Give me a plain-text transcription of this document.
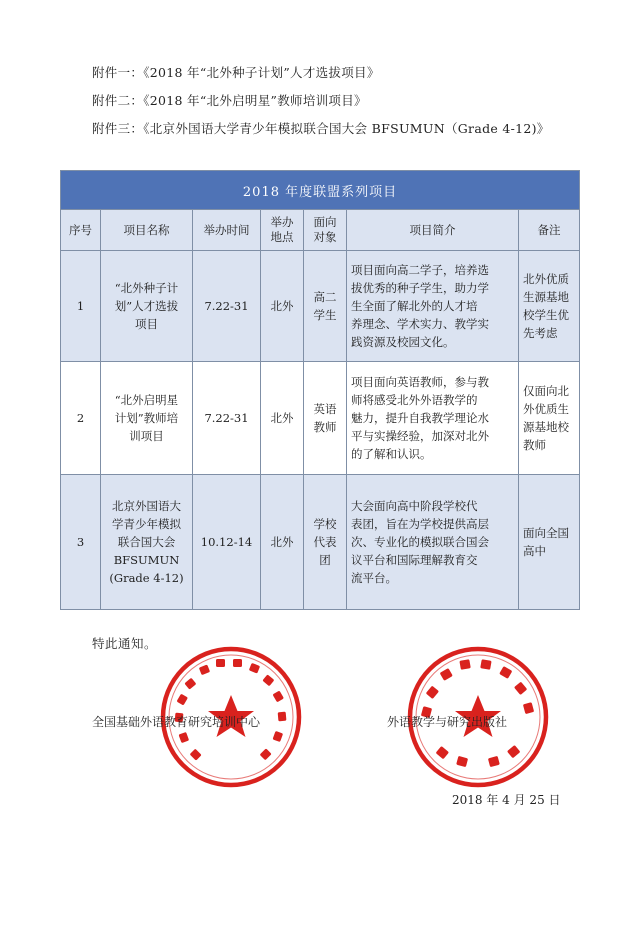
附件一：《2018 年“北外种子计划”人才选拔项目》
附件二：《2018 年“北外启明星”教师培训项目》
附件三：《北京外国语大学青少年模拟联合国大会 BFSUMUN（Grade 4-12)》
2018 年度联盟系列项目						
序号	项目名称	举办时间	举办
地点	面向
对象	项目简介	备注
1	“北外种子计
划”人才选拔
项目	7.22-31	北外	高二
学生	项目面向高二学子，培养选
拔优秀的种子学生，助力学
生全面了解北外的人才培
养理念、学术实力、教学实
践资源及校园文化。	北外优质
生源基地
校学生优
先考虑
2	“北外启明星
计划”教师培
训项目	7.22-31	北外	英语
教师	项目面向英语教师，参与教
师将感受北外外语教学的
魅力，提升自我教学理论水
平与实操经验，加深对北外
的了解和认识。	仅面向北
外优质生
源基地校
教师
3	北京外国语大
学青少年模拟
联合国大会
BFSUMUN
(Grade 4-12)	10.12-14	北外	学校
代表
团	大会面向高中阶段学校代
表团，旨在为学校提供高层
次、专业化的模拟联合国会
议平台和国际理解教育交
流平台。	面向全国
高中
特此通知。
全国基础外语教育研究培训中心	外语教学与研究出版社
2018 年 4 月 25 日
